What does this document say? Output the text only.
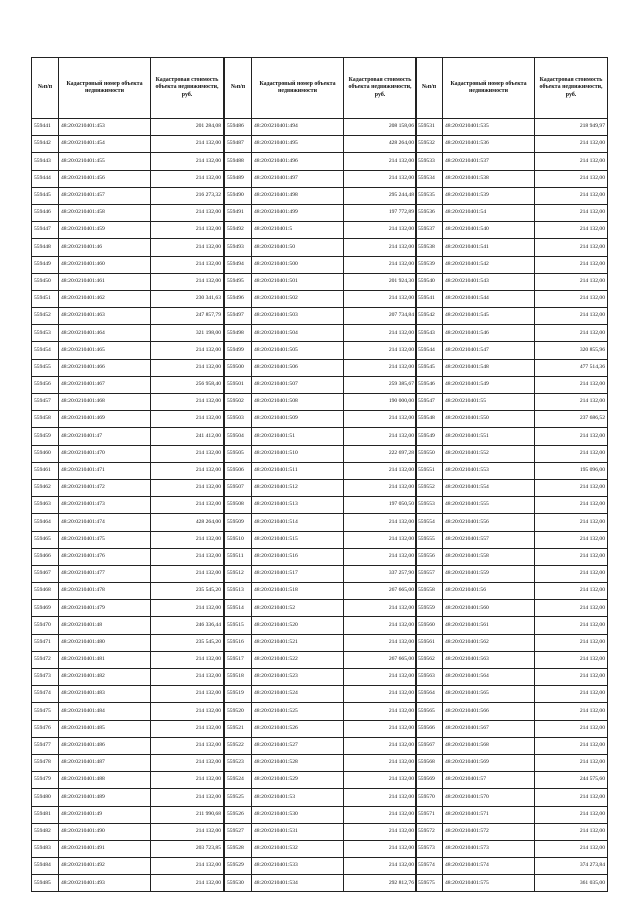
№п/п	Кадастровый номер объекта недвижимости	Кадастровая стоимость объекта недвижимости, руб.
559441	48:20:0210401:453	201 284,08
559442	48:20:0210401:454	214 132,00
559443	48:20:0210401:455	214 132,00
559444	48:20:0210401:456	214 132,00
559445	48:20:0210401:457	216 273,32
559446	48:20:0210401:458	214 132,00
559447	48:20:0210401:459	214 132,00
559448	48:20:0210401:46	214 132,00
559449	48:20:0210401:460	214 132,00
559450	48:20:0210401:461	214 132,00
559451	48:20:0210401:462	230 341,63
559452	48:20:0210401:463	247 857,79
559453	48:20:0210401:464	321 198,00
559454	48:20:0210401:465	214 132,00
559455	48:20:0210401:466	214 132,00
559456	48:20:0210401:467	256 958,40
559457	48:20:0210401:468	214 132,00
559458	48:20:0210401:469	214 132,00
559459	48:20:0210401:47	241 412,00
559460	48:20:0210401:470	214 132,00
559461	48:20:0210401:471	214 132,00
559462	48:20:0210401:472	214 132,00
559463	48:20:0210401:473	214 132,00
559464	48:20:0210401:474	428 264,00
559465	48:20:0210401:475	214 132,00
559466	48:20:0210401:476	214 132,00
559467	48:20:0210401:477	214 132,00
559468	48:20:0210401:478	235 545,20
559469	48:20:0210401:479	214 132,00
559470	48:20:0210401:48	246 336,44
559471	48:20:0210401:480	235 545,20
559472	48:20:0210401:481	214 132,00
559473	48:20:0210401:482	214 132,00
559474	48:20:0210401:483	214 132,00
559475	48:20:0210401:484	214 132,00
559476	48:20:0210401:485	214 132,00
559477	48:20:0210401:486	214 132,00
559478	48:20:0210401:487	214 132,00
559479	48:20:0210401:488	214 132,00
559480	48:20:0210401:489	214 132,00
559481	48:20:0210401:49	211 990,68
559482	48:20:0210401:490	214 132,00
559483	48:20:0210401:491	203 723,85
559484	48:20:0210401:492	214 132,00
559485	48:20:0210401:493	214 132,00
№п/п	Кадастровый номер объекта недвижимости	Кадастровая стоимость объекта недвижимости, руб.
559486	48:20:0210401:494	208 158,06
559487	48:20:0210401:495	428 264,00
559488	48:20:0210401:496	214 132,00
559489	48:20:0210401:497	214 132,00
559490	48:20:0210401:498	295 244,48
559491	48:20:0210401:499	197 772,89
559492	48:20:0210401:5	214 132,00
559493	48:20:0210401:50	214 132,00
559494	48:20:0210401:500	214 132,00
559495	48:20:0210401:501	201 924,30
559496	48:20:0210401:502	214 132,00
559497	48:20:0210401:503	207 734,84
559498	48:20:0210401:504	214 132,00
559499	48:20:0210401:505	214 132,00
559500	48:20:0210401:506	214 132,00
559501	48:20:0210401:507	259 385,67
559502	48:20:0210401:508	190 000,00
559503	48:20:0210401:509	214 132,00
559504	48:20:0210401:51	214 132,00
559505	48:20:0210401:510	222 697,28
559506	48:20:0210401:511	214 132,00
559507	48:20:0210401:512	214 132,00
559508	48:20:0210401:513	197 050,50
559509	48:20:0210401:514	214 132,00
559510	48:20:0210401:515	214 132,00
559511	48:20:0210401:516	214 132,00
559512	48:20:0210401:517	337 257,90
559513	48:20:0210401:518	267 665,00
559514	48:20:0210401:52	214 132,00
559515	48:20:0210401:520	214 132,00
559516	48:20:0210401:521	214 132,00
559517	48:20:0210401:522	267 665,00
559518	48:20:0210401:523	214 132,00
559519	48:20:0210401:524	214 132,00
559520	48:20:0210401:525	214 132,00
559521	48:20:0210401:526	214 132,00
559522	48:20:0210401:527	214 132,00
559523	48:20:0210401:528	214 132,00
559524	48:20:0210401:529	214 132,00
559525	48:20:0210401:53	214 132,00
559526	48:20:0210401:530	214 132,00
559527	48:20:0210401:531	214 132,00
559528	48:20:0210401:532	214 132,00
559529	48:20:0210401:533	214 132,00
559530	48:20:0210401:534	292 812,76
№п/п	Кадастровый номер объекта недвижимости	Кадастровая стоимость объекта недвижимости, руб.
559531	48:20:0210401:535	218 949,97
559532	48:20:0210401:536	214 132,00
559533	48:20:0210401:537	214 132,00
559534	48:20:0210401:538	214 132,00
559535	48:20:0210401:539	214 132,00
559536	48:20:0210401:54	214 132,00
559537	48:20:0210401:540	214 132,00
559538	48:20:0210401:541	214 132,00
559539	48:20:0210401:542	214 132,00
559540	48:20:0210401:543	214 132,00
559541	48:20:0210401:544	214 132,00
559542	48:20:0210401:545	214 132,00
559543	48:20:0210401:546	214 132,00
559544	48:20:0210401:547	320 855,96
559545	48:20:0210401:548	477 514,36
559546	48:20:0210401:549	214 132,00
559547	48:20:0210401:55	214 132,00
559548	48:20:0210401:550	237 686,52
559549	48:20:0210401:551	214 132,00
559550	48:20:0210401:552	214 132,00
559551	48:20:0210401:553	195 096,00
559552	48:20:0210401:554	214 132,00
559553	48:20:0210401:555	214 132,00
559554	48:20:0210401:556	214 132,00
559555	48:20:0210401:557	214 132,00
559556	48:20:0210401:558	214 132,00
559557	48:20:0210401:559	214 132,00
559558	48:20:0210401:56	214 132,00
559559	48:20:0210401:560	214 132,00
559560	48:20:0210401:561	214 132,00
559561	48:20:0210401:562	214 132,00
559562	48:20:0210401:563	214 132,00
559563	48:20:0210401:564	214 132,00
559564	48:20:0210401:565	214 132,00
559565	48:20:0210401:566	214 132,00
559566	48:20:0210401:567	214 132,00
559567	48:20:0210401:568	214 132,00
559568	48:20:0210401:569	214 132,00
559569	48:20:0210401:57	244 575,60
559570	48:20:0210401:570	214 132,00
559571	48:20:0210401:571	214 132,00
559572	48:20:0210401:572	214 132,00
559573	48:20:0210401:573	214 132,00
559574	48:20:0210401:574	374 273,84
559575	48:20:0210401:575	361 035,00
